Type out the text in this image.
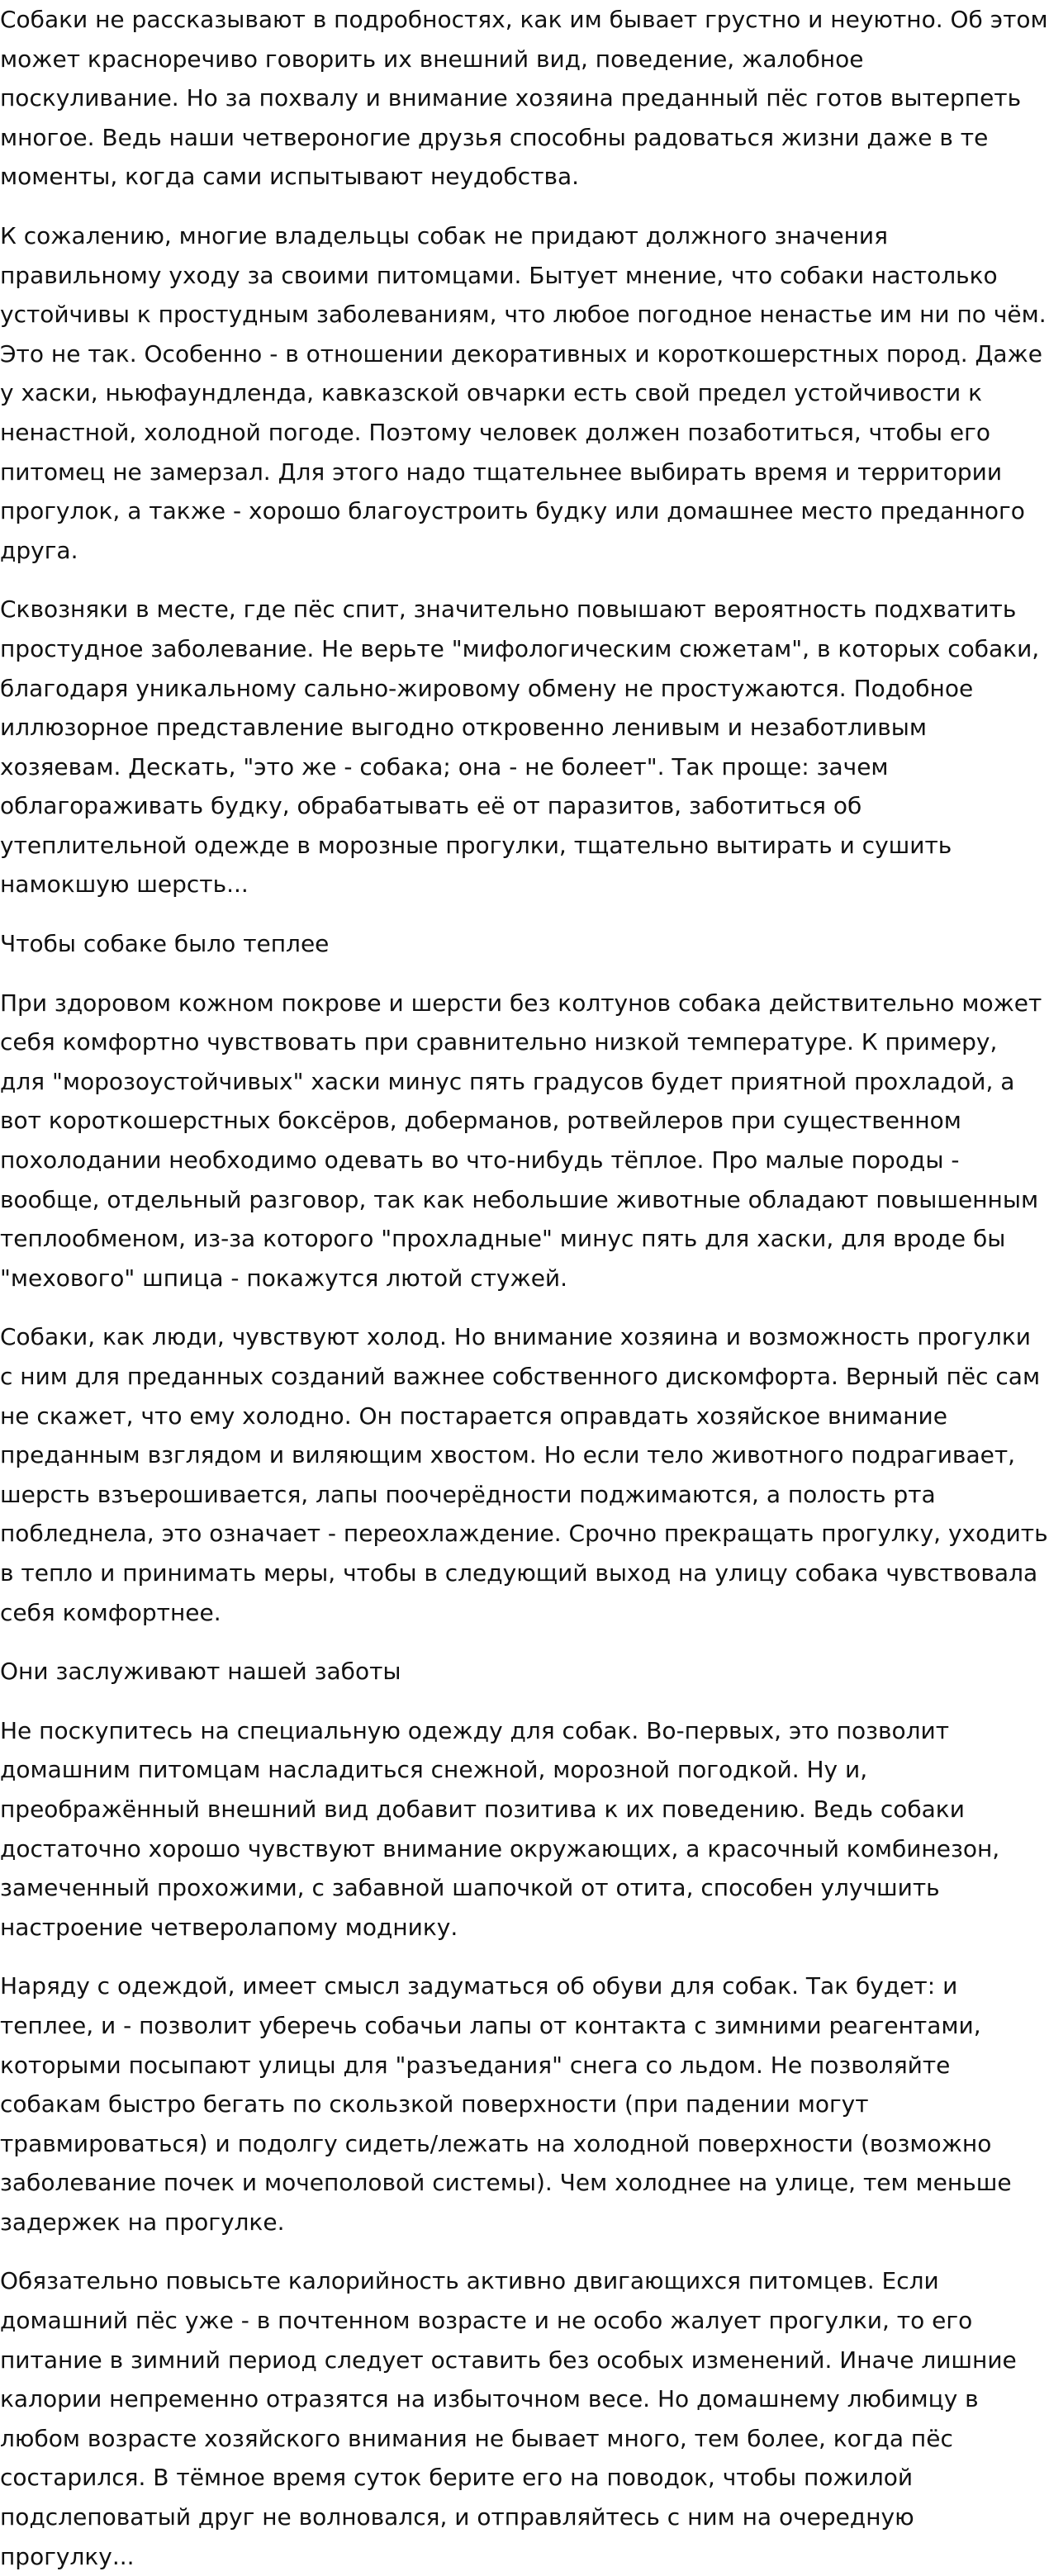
Собаки не рассказывают в подробностях, как им бывает грустно и неуютно. Об этом может красноречиво говорить их внешний вид, поведение, жалобное поскуливание. Но за похвалу и внимание хозяина преданный пёс готов вытерпеть многое. Ведь наши четвероногие друзья способны радоваться жизни даже в те моменты, когда сами испытывают неудобства.

К сожалению, многие владельцы собак не придают должного значения правильному уходу за своими питомцами. Бытует мнение, что собаки настолько устойчивы к простудным заболеваниям, что любое погодное ненастье им ни по чём. Это не так. Особенно - в отношении декоративных и короткошерстных пород. Даже у хаски, ньюфаундленда, кавказской овчарки есть свой предел устойчивости к ненастной, холодной погоде. Поэтому человек должен позаботиться, чтобы его питомец не замерзал. Для этого надо тщательнее выбирать время и территории прогулок, а также - хорошо благоустроить будку или домашнее место преданного друга.

Сквозняки в месте, где пёс спит, значительно повышают вероятность подхватить простудное заболевание. Не верьте "мифологическим сюжетам", в которых собаки, благодаря уникальному сально-жировому обмену не простужаются. Подобное иллюзорное представление выгодно откровенно ленивым и незаботливым хозяевам. Дескать, "это же - собака; она - не болеет". Так проще: зачем облагораживать будку, обрабатывать её от паразитов, заботиться об утеплительной одежде в морозные прогулки, тщательно вытирать и сушить намокшую шерсть...

Чтобы собаке было теплее

При здоровом кожном покрове и шерсти без колтунов собака действительно может себя комфортно чувствовать при сравнительно низкой температуре. К примеру, для "морозоустойчивых" хаски минус пять градусов будет приятной прохладой, а вот короткошерстных боксёров, доберманов, ротвейлеров при существенном похолодании необходимо одевать во что-нибудь тёплое. Про малые породы - вообще, отдельный разговор, так как небольшие животные обладают повышенным теплообменом, из-за которого "прохладные" минус пять для хаски, для вроде бы "мехового" шпица - покажутся лютой стужей.

Собаки, как люди, чувствуют холод. Но внимание хозяина и возможность прогулки с ним для преданных созданий важнее собственного дискомфорта. Верный пёс сам не скажет, что ему холодно. Он постарается оправдать хозяйское внимание преданным взглядом и виляющим хвостом. Но если тело животного подрагивает, шерсть взъерошивается, лапы поочерёдности поджимаются, а полость рта побледнела, это означает - переохлаждение. Срочно прекращать прогулку, уходить в тепло и принимать меры, чтобы в следующий выход на улицу собака чувствовала себя комфортнее.

Они заслуживают нашей заботы

Не поскупитесь на специальную одежду для собак. Во-первых, это позволит домашним питомцам насладиться снежной, морозной погодкой. Ну и, преображённый внешний вид добавит позитива к их поведению. Ведь собаки достаточно хорошо чувствуют внимание окружающих, а красочный комбинезон, замеченный прохожими, с забавной шапочкой от отита, способен улучшить настроение четверолапому моднику.

Наряду с одеждой, имеет смысл задуматься об обуви для собак. Так будет: и теплее, и - позволит уберечь собачьи лапы от контакта с зимними реагентами, которыми посыпают улицы для "разъедания" снега со льдом. Не позволяйте собакам быстро бегать по скользкой поверхности (при падении могут травмироваться) и подолгу сидеть/лежать на холодной поверхности (возможно заболевание почек и мочеполовой системы). Чем холоднее на улице, тем меньше задержек на прогулке.

Обязательно повысьте калорийность активно двигающихся питомцев. Если домашний пёс уже - в почтенном возрасте и не особо жалует прогулки, то его питание в зимний период следует оставить без особых изменений. Иначе лишние калории непременно отразятся на избыточном весе. Но домашнему любимцу в любом возрасте хозяйского внимания не бывает много, тем более, когда пёс состарился. В тёмное время суток берите его на поводок, чтобы пожилой подслеповатый друг не волновался, и отправляйтесь с ним на очередную прогулку...
